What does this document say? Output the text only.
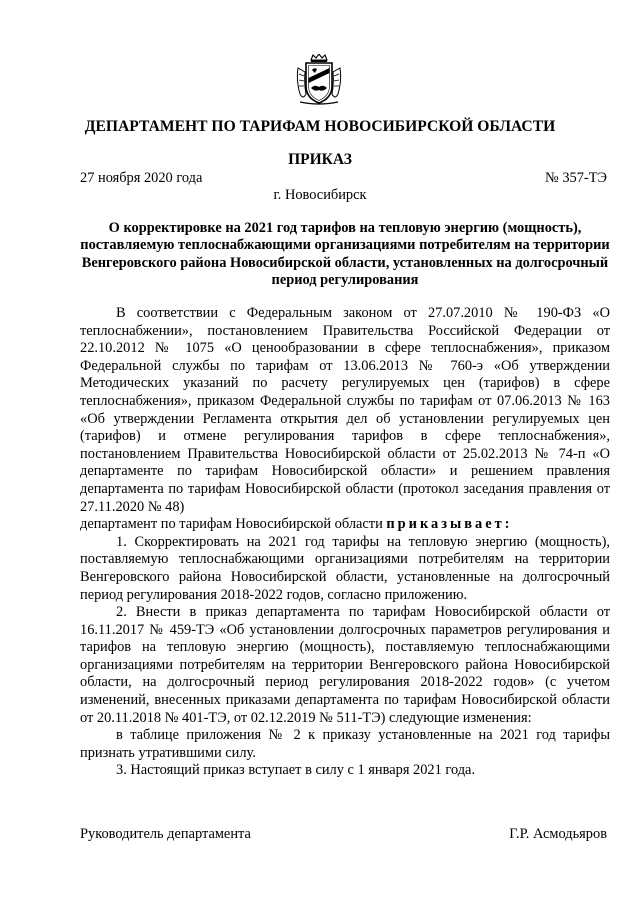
ДЕПАРТАМЕНТ ПО ТАРИФАМ НОВОСИБИРСКОЙ ОБЛАСТИ
ПРИКАЗ
27 ноября 2020 года	№ 357-ТЭ
г. Новосибирск
О корректировке на 2021 год тарифов на тепловую энергию (мощность), поставляемую теплоснабжающими организациями потребителям на территории Венгеровского района Новосибирской области, установленных на долгосрочный период регулирования

В соответствии с Федеральным законом от 27.07.2010 № 190-ФЗ «О теплоснабжении», постановлением Правительства Российской Федерации от 22.10.2012 № 1075 «О ценообразовании в сфере теплоснабжения», приказом Федеральной службы по тарифам от 13.06.2013 № 760-э «Об утверждении Методических указаний по расчету регулируемых цен (тарифов) в сфере теплоснабжения», приказом Федеральной службы по тарифам от 07.06.2013 № 163 «Об утверждении Регламента открытия дел об установлении регулируемых цен (тарифов) и отмене регулирования тарифов в сфере теплоснабжения», постановлением Правительства Новосибирской области от 25.02.2013 № 74-п «О департаменте по тарифам Новосибирской области» и решением правления департамента по тарифам Новосибирской области (протокол заседания правления от 27.11.2020 № 48)

департамент по тарифам Новосибирской области приказывает:

1. Скорректировать на 2021 год тарифы на тепловую энергию (мощность), поставляемую теплоснабжающими организациями потребителям на территории Венгеровского района Новосибирской области, установленные на долгосрочный период регулирования 2018-2022 годов, согласно приложению.

2. Внести в приказ департамента по тарифам Новосибирской области от 16.11.2017 № 459-ТЭ «Об установлении долгосрочных параметров регулирования и тарифов на тепловую энергию (мощность), поставляемую теплоснабжающими организациями потребителям на территории Венгеровского района Новосибирской области, на долгосрочный период регулирования 2018-2022 годов» (с учетом изменений, внесенных приказами департамента по тарифам Новосибирской области от 20.11.2018 № 401-ТЭ, от 02.12.2019 № 511-ТЭ) следующие изменения:

в таблице приложения № 2 к приказу установленные на 2021 год тарифы признать утратившими силу.

3. Настоящий приказ вступает в силу с 1 января 2021 года.

Руководитель департамента	Г.Р. Асмодьяров
